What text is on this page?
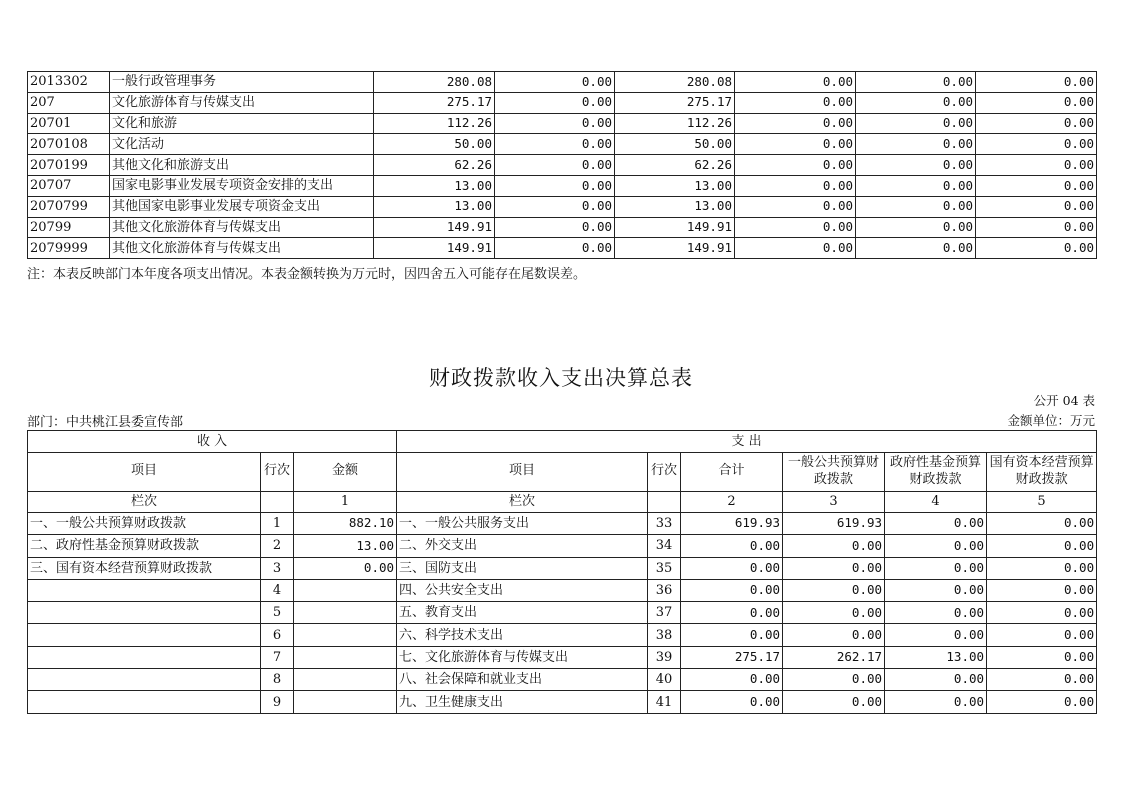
2013302	一般行政管理事务	280.08	0.00	280.08	0.00	0.00	0.00
207	文化旅游体育与传媒支出	275.17	0.00	275.17	0.00	0.00	0.00
20701	文化和旅游	112.26	0.00	112.26	0.00	0.00	0.00
2070108	文化活动	50.00	0.00	50.00	0.00	0.00	0.00
2070199	其他文化和旅游支出	62.26	0.00	62.26	0.00	0.00	0.00
20707	国家电影事业发展专项资金安排的支出	13.00	0.00	13.00	0.00	0.00	0.00
2070799	其他国家电影事业发展专项资金支出	13.00	0.00	13.00	0.00	0.00	0.00
20799	其他文化旅游体育与传媒支出	149.91	0.00	149.91	0.00	0.00	0.00
2079999	其他文化旅游体育与传媒支出	149.91	0.00	149.91	0.00	0.00	0.00
注：本表反映部门本年度各项支出情况。本表金额转换为万元时，因四舍五入可能存在尾数误差。
财政拨款收入支出决算总表
公开 04 表
部门：中共桃江县委宣传部	金额单位：万元
收 入			支 出					
项目	行次	金额	项目	行次	合计	一般公共预算财政拨款	政府性基金预算财政拨款	国有资本经营预算财政拨款
栏次		1	栏次		2	3	4	5
一、一般公共预算财政拨款	1	882.10	一、一般公共服务支出	33	619.93	619.93	0.00	0.00
二、政府性基金预算财政拨款	2	13.00	二、外交支出	34	0.00	0.00	0.00	0.00
三、国有资本经营预算财政拨款	3	0.00	三、国防支出	35	0.00	0.00	0.00	0.00
	4		四、公共安全支出	36	0.00	0.00	0.00	0.00
	5		五、教育支出	37	0.00	0.00	0.00	0.00
	6		六、科学技术支出	38	0.00	0.00	0.00	0.00
	7		七、文化旅游体育与传媒支出	39	275.17	262.17	13.00	0.00
	8		八、社会保障和就业支出	40	0.00	0.00	0.00	0.00
	9		九、卫生健康支出	41	0.00	0.00	0.00	0.00
